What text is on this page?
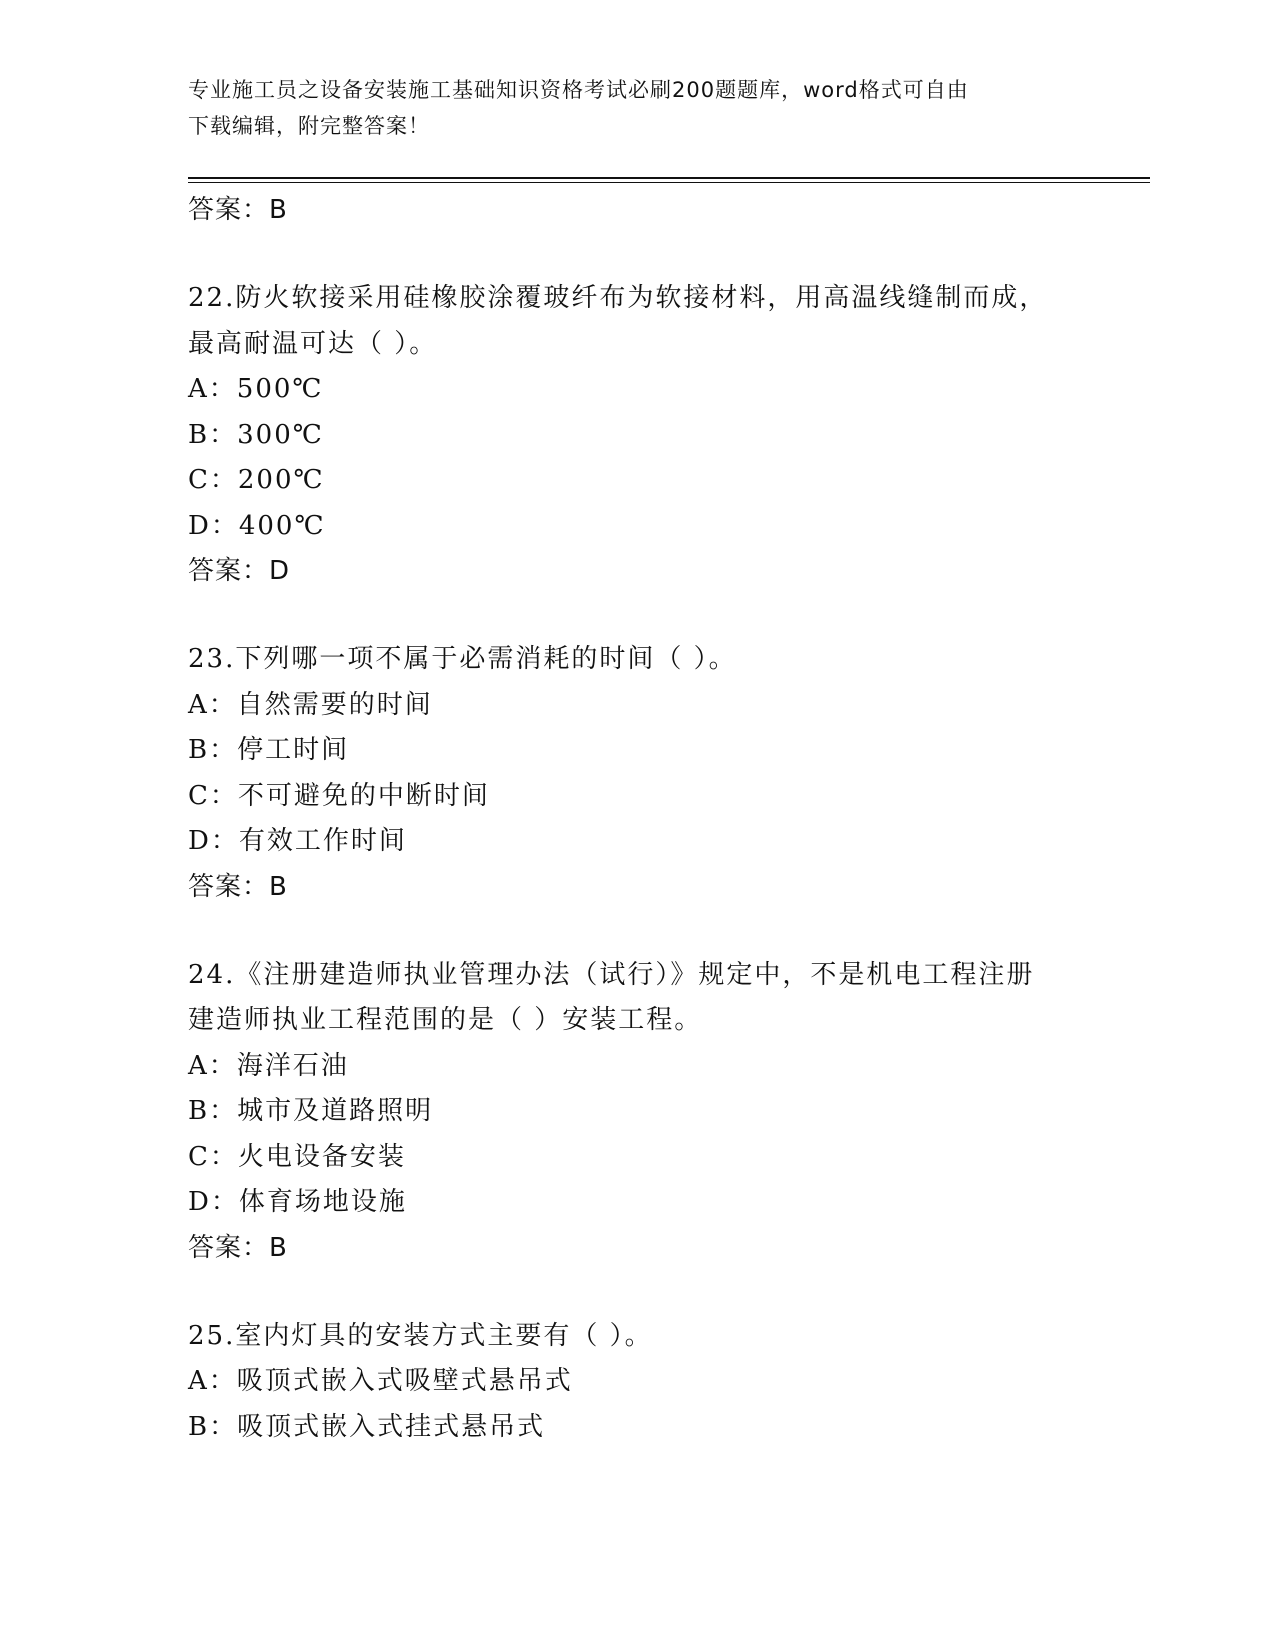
专业施工员之设备安装施工基础知识资格考试必刷200题题库，word格式可自由
下载编辑，附完整答案！
答案：B
22.防火软接采用硅橡胶涂覆玻纤布为软接材料，用高温线缝制而成，
最高耐温可达（ ）。
A：500℃
B：300℃
C：200℃
D：400℃
答案：D
23.下列哪一项不属于必需消耗的时间（ ）。
A：自然需要的时间
B：停工时间
C：不可避免的中断时间
D：有效工作时间
答案：B
24.《注册建造师执业管理办法（试行）》规定中，不是机电工程注册
建造师执业工程范围的是（ ）安装工程。
A：海洋石油
B：城市及道路照明
C：火电设备安装
D：体育场地设施
答案：B
25.室内灯具的安装方式主要有（ ）。
A：吸顶式嵌入式吸壁式悬吊式
B：吸顶式嵌入式挂式悬吊式
